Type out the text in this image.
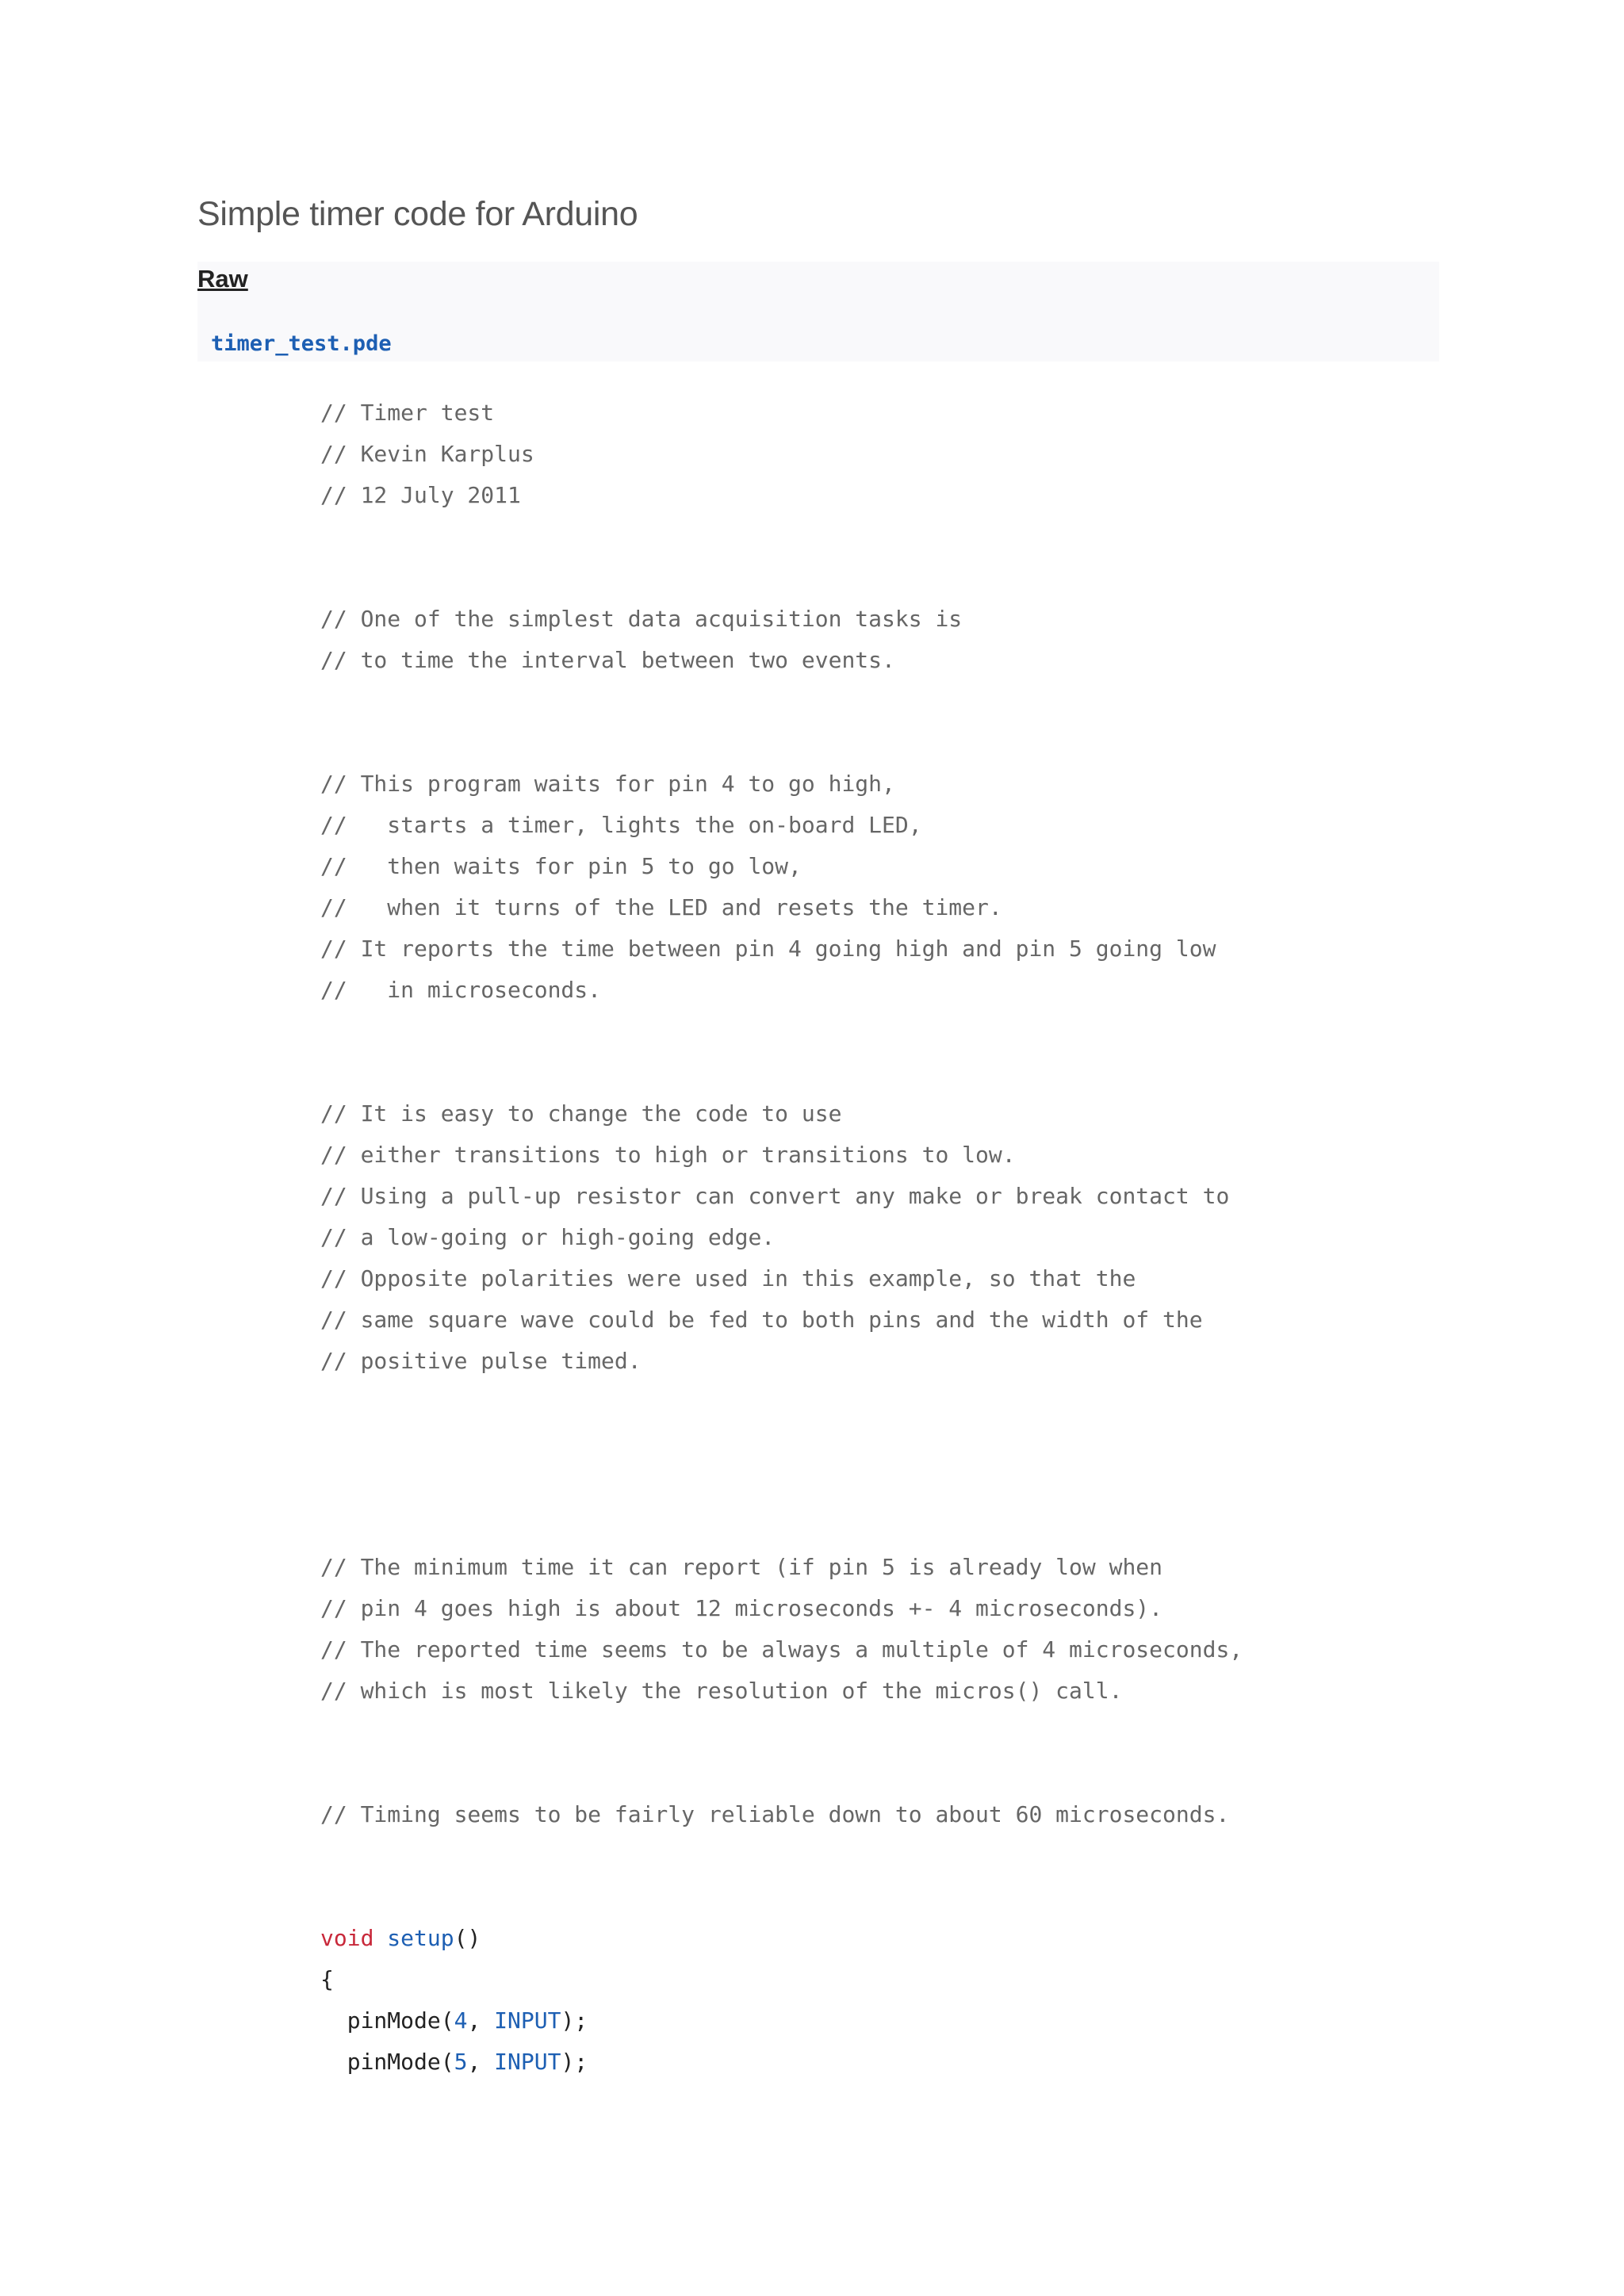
Simple timer code for Arduino
Raw
timer_test.pde
// Timer test
// Kevin Karplus
// 12 July 2011
// One of the simplest data acquisition tasks is
// to time the interval between two events.
// This program waits for pin 4 to go high,
//   starts a timer, lights the on-board LED,
//   then waits for pin 5 to go low,
//   when it turns of the LED and resets the timer.
// It reports the time between pin 4 going high and pin 5 going low
//   in microseconds.
// It is easy to change the code to use
// either transitions to high or transitions to low.
// Using a pull-up resistor can convert any make or break contact to
// a low-going or high-going edge.
// Opposite polarities were used in this example, so that the
// same square wave could be fed to both pins and the width of the
// positive pulse timed.
// The minimum time it can report (if pin 5 is already low when
// pin 4 goes high is about 12 microseconds +- 4 microseconds).
// The reported time seems to be always a multiple of 4 microseconds,
// which is most likely the resolution of the micros() call.
// Timing seems to be fairly reliable down to about 60 microseconds.
void setup()
{
pinMode(4, INPUT);
pinMode(5, INPUT);
